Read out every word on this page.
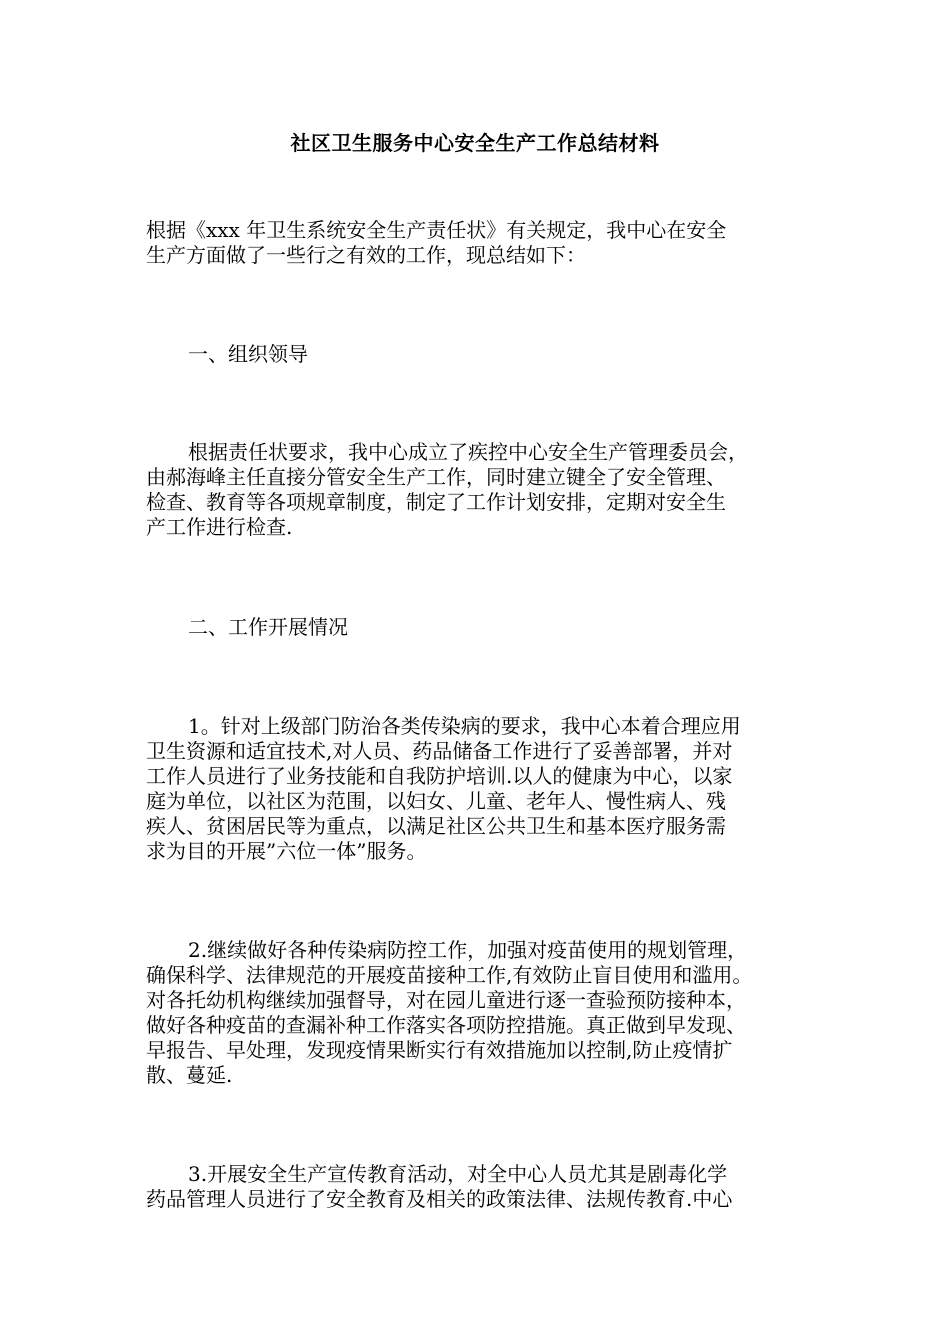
社区卫生服务中心安全生产工作总结材料
根据《xxx 年卫生系统安全生产责任状》有关规定，我中心在安全
生产方面做了一些行之有效的工作，现总结如下：
一、组织领导
根据责任状要求，我中心成立了疾控中心安全生产管理委员会，
由郝海峰主任直接分管安全生产工作，同时建立键全了安全管理、
检查、教育等各项规章制度，制定了工作计划安排，定期对安全生
产工作进行检查.
二、工作开展情况
1。针对上级部门防治各类传染病的要求，我中心本着合理应用
卫生资源和适宜技术,对人员、药品储备工作进行了妥善部署，并对
工作人员进行了业务技能和自我防护培训.以人的健康为中心，以家
庭为单位，以社区为范围，以妇女、儿童、老年人、慢性病人、残
疾人、贫困居民等为重点，以满足社区公共卫生和基本医疗服务需
求为目的开展”六位一体”服务。
2.继续做好各种传染病防控工作，加强对疫苗使用的规划管理，
确保科学、法律规范的开展疫苗接种工作,有效防止盲目使用和滥用。
对各托幼机构继续加强督导，对在园儿童进行逐一查验预防接种本，
做好各种疫苗的查漏补种工作落实各项防控措施。真正做到早发现、
早报告、早处理，发现疫情果断实行有效措施加以控制,防止疫情扩
散、蔓延.
3.开展安全生产宣传教育活动，对全中心人员尤其是剧毒化学
药品管理人员进行了安全教育及相关的政策法律、法规传教育.中心
